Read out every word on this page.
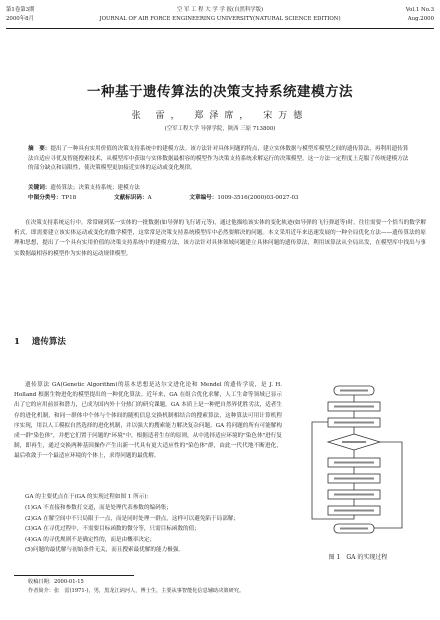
第1卷第3期
2000年8月
空 军 工 程 大 学 学 报(自然科学版)
JOURNAL OF AIR FORCE ENGINEERING UNIVERSITY(NATURAL SCIENCE EDITION)
Vol.1 No.3
Aug.2000
一种基于遗传算法的决策支持系统建模方法
张 雷， 郑泽席， 宋万德
(空军工程大学 导弹学院，陕西 三原 713800)
摘　要：提出了一种具有实用价值的决策支持系统中的建模方法。该方法针对具体问题的特点，建立实体数据与模型库模型之间的遗传算法，再利用遗传算法自适应寻优及智能搜索技术，从模型库中获取与实体数据最相容的模型作为决策支持系统求解运行的决策模型。这一方法一定程度上克服了传统建模方法的部分缺点和局限性，使决策模型更加接近实体的运动或变化规律。
关键词：遗传算法；决策支持系统；建模方法
中图分类号：TP18	文献标识码：A	文章编号：1009-3516(2000)03-0027-03
在决策支持系统运行中，常常碰到某一实体的一批数据(如导弹的飞行诸元等)，通过他描绘该实体的变化轨迹(如导弹的飞行弹道等)时，往往需要一个恰当的数学解析式，即需要建立该实体运动或变化的数学模型，这常常是决策支持系统模型库中必然要解决的问题。本文采用近年来迅速发展的一种全局优化方法——遗传算法的原理和思想，提出了一个具有实用价值的决策支持系统中的建模方法，该方法针对具体领域问题建立具体问题的遗传算法，利用该算法从全局出发，在模型库中找出与事实数据最相容的模型作为实体的运动规律模型。
1 遗传算法
遗传算法 GA(Genetic Algorithm)的基本思想是达尔文进化论和 Mendel 的遗传学说，是 J. H. Holland 根据生物进化的模型提出的一种优化算法。近年来，GA 在组合优化求解，人工生命等领域已显示出了它的应用前景和潜力，已成为国内外十分热门的研究课题。GA 本质上是一种把自然界优胜劣汰，适者生存的进化机制，和同一群体中个体与个体间的随机信息交换机制相结合的搜索算法，这种算法可用计算机程序实现，用以人工模拟自然选择的进化机制，并以强大的搜索能力解决复杂问题。GA 将问题的所有可能解构成一群"染色体"，并把它们置于问题的"环境"中，根据适者生存的原则，从中选择适应环境的"染色体"进行复制，即再生，通过交换两种基因操作产生出新一代具有更大适应性的"染色体"群，由此一代代地不断进化，最后收敛于一个最适应环境的个体上，求得问题的最优解。
GA 的主要优点在于(GA 的实现过程如图 1 所示)：
(1)GA 不直接和参数打交道，而是处理代表参数的编码集；
(2)GA 在解空间中不只局限于一点，而是同时处理一群点，这样可以避免陷于局部解；
(3)GA 在寻优过程中，不需要目标函数的微分等，只需目标函数的值；
(4)GA 的寻优规则不是确定性的，而是由概率决定；
(5)问题的最优解与初始条件无关，而且搜索最优解的能力极强。
图 1　GA 的实现过程
收稿日期：2000-01-15
作者简介：张　雷(1971-)，男，黑龙江讷河人，博士生，主要从事智能化信息辅助决策研究。
